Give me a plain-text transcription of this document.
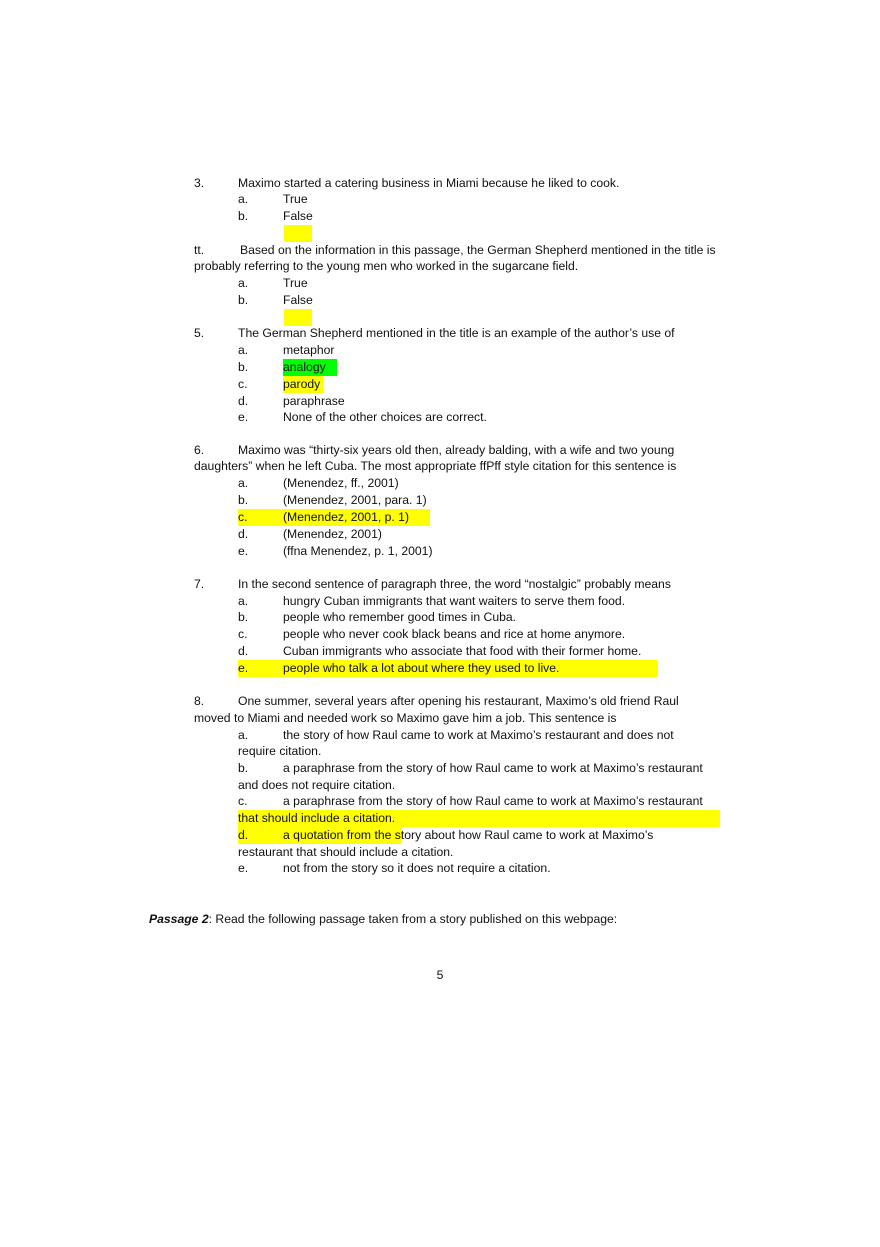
3.	Maximo started a catering business in Miami because he liked to cook.
a.	True
b.	False
tt.	Based on the information in this passage, the German Shepherd mentioned in the title is
probably referring to the young men who worked in the sugarcane field.
a.	True
b.	False
5.	The German Shepherd mentioned in the title is an example of the author’s use of
a.	metaphor
b.	analogy
c.	parody
d.	paraphrase
e.	None of the other choices are correct.
6.	Maximo was “thirty-six years old then, already balding, with a wife and two young
daughters” when he left Cuba. The most appropriate ffPff style citation for this sentence is
a.	(Menendez, ff., 2001)
b.	(Menendez, 2001, para. 1)
c.	(Menendez, 2001, p. 1)
d.	(Menendez, 2001)
e.	(ffna Menendez, p. 1, 2001)
7.	In the second sentence of paragraph three, the word “nostalgic” probably means
a.	hungry Cuban immigrants that want waiters to serve them food.
b.	people who remember good times in Cuba.
c.	people who never cook black beans and rice at home anymore.
d.	Cuban immigrants who associate that food with their former home.
e.	people who talk a lot about where they used to live.
8.	One summer, several years after opening his restaurant, Maximo’s old friend Raul
moved to Miami and needed work so Maximo gave him a job. This sentence is
a.	the story of how Raul came to work at Maximo’s restaurant and does not
require citation.
b.	a paraphrase from the story of how Raul came to work at Maximo’s restaurant
and does not require citation.
c.	a paraphrase from the story of how Raul came to work at Maximo’s restaurant
that should include a citation.
d.	a quotation from the story about how Raul came to work at Maximo’s
restaurant that should include a citation.
e.	not from the story so it does not require a citation.
Passage 2: Read the following passage taken from a story published on this webpage:
5
